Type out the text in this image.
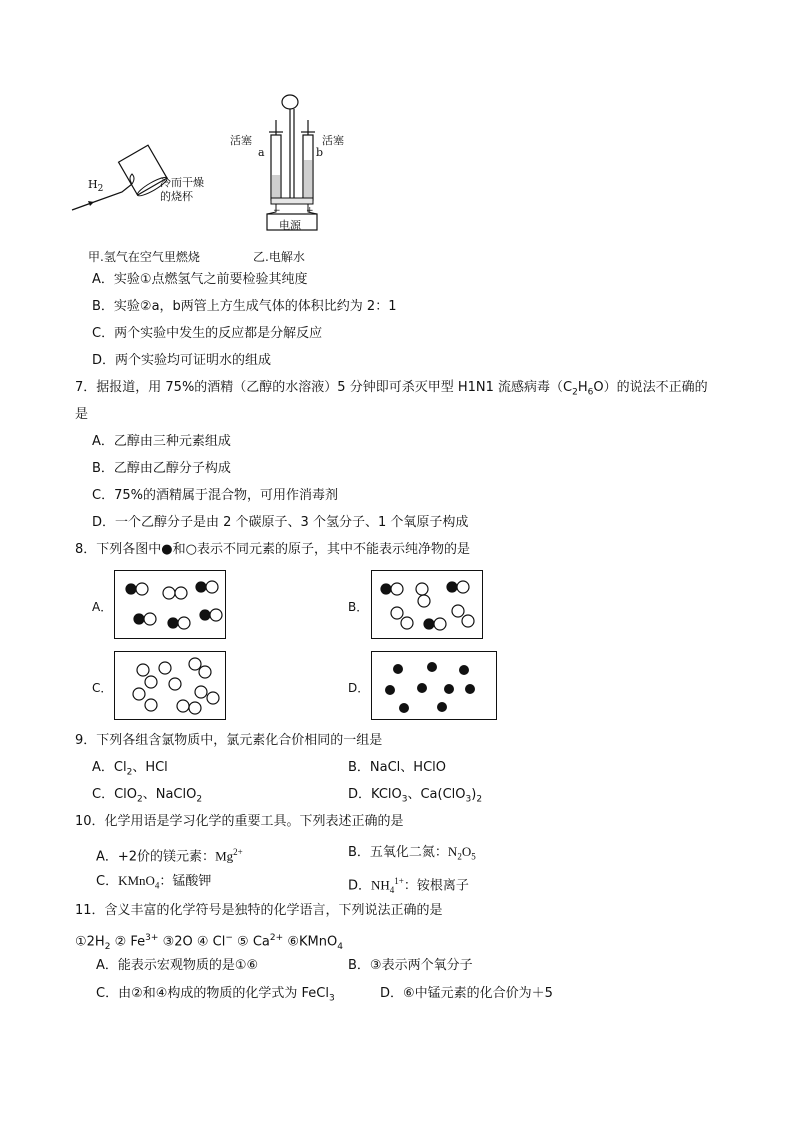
$H_2$
冷而干燥
的烧杯
甲.氢气在空气里燃烧
活塞	活塞
a	b
−	+
电源
乙.电解水
A．实验①点燃氢气之前要检验其纯度
B．实验②a，b两管上方生成气体的体积比约为 2：1
C．两个实验中发生的反应都是分解反应
D．两个实验均可证明水的组成
7．据报道，用 75%的酒精（乙醇的水溶液）5 分钟即可杀灭甲型 H1N1 流感病毒$(C_2H_6O)$的说法不正确的
是
A．乙醇由三种元素组成
B．乙醇由乙醇分子构成
C．75%的酒精属于混合物，可用作消毒剂
D．一个乙醇分子是由 2 个碳原子、3 个氢分子、1 个氧原子构成
8．下列各图中●和○表示不同元素的原子，其中不能表示纯净物的是
A．	B．
C．	D．
9．下列各组含氯物质中，氯元素化合价相同的一组是
A．$Cl_2$、HCl	B．NaCl、HClO
C．ClO$_2$、NaClO$_2$	D．KClO$_3$、$Ca(ClO_3)_2$
10．化学用语是学习化学的重要工具。下列表述正确的是
A．+2价的镁元素：$Mg^{2+}$	B．五氧化二氮：$N_2O_5$
C．KMnO$_4$：锰酸钾	D．$NH_4^{1+}$：铵根离子
11．含义丰富的化学符号是独特的化学语言，下列说法正确的是
$①2H_2$ ② $Fe^{3+}$ ③2O ④ Cl− ⑤ $Ca^{2+}$ ⑥KMnO$_4$
A．能表示宏观物质的是①⑥	B．③表示两个氧分子
C．由②和④构成的物质的化学式为 FeCl$_3$	D．⑥中锰元素的化合价为＋5
